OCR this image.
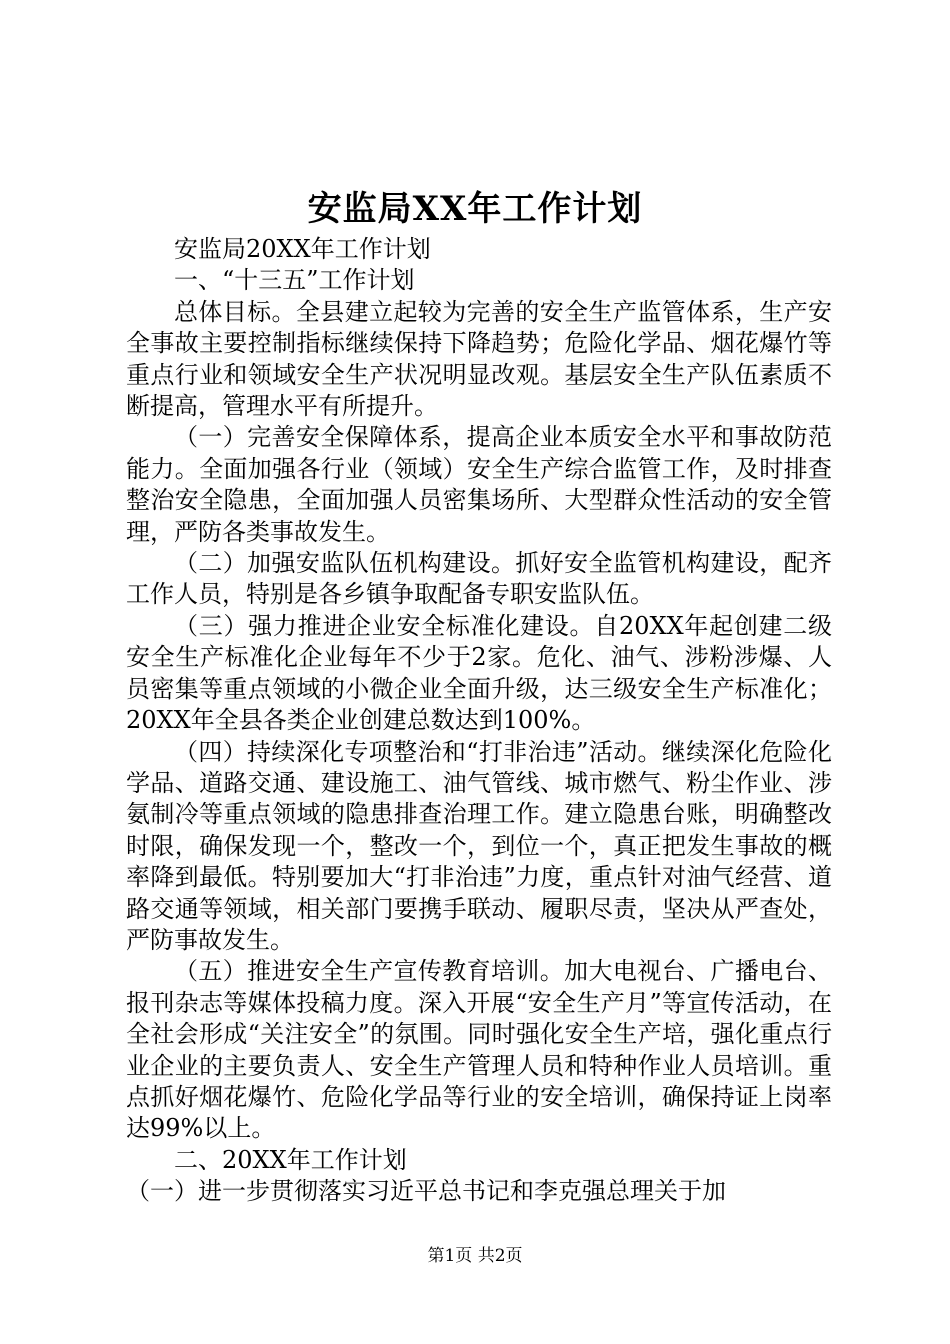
安监局XX年工作计划

安监局20XX年工作计划

一、“十三五”工作计划

总体目标。全县建立起较为完善的安全生产监管体系，生产安全事故主要控制指标继续保持下降趋势；危险化学品、烟花爆竹等重点行业和领域安全生产状况明显改观。基层安全生产队伍素质不断提高，管理水平有所提升。

（一）完善安全保障体系，提高企业本质安全水平和事故防范能力。全面加强各行业（领域）安全生产综合监管工作，及时排查整治安全隐患，全面加强人员密集场所、大型群众性活动的安全管理，严防各类事故发生。

（二）加强安监队伍机构建设。抓好安全监管机构建设，配齐工作人员，特别是各乡镇争取配备专职安监队伍。

（三）强力推进企业安全标准化建设。自20XX年起创建二级安全生产标准化企业每年不少于2家。危化、油气、涉粉涉爆、人员密集等重点领域的小微企业全面升级，达三级安全生产标准化；20XX年全县各类企业创建总数达到100%。

（四）持续深化专项整治和“打非治违”活动。继续深化危险化学品、道路交通、建设施工、油气管线、城市燃气、粉尘作业、涉氨制冷等重点领域的隐患排查治理工作。建立隐患台账，明确整改时限，确保发现一个，整改一个，到位一个，真正把发生事故的概率降到最低。特别要加大“打非治违”力度，重点针对油气经营、道路交通等领域，相关部门要携手联动、履职尽责，坚决从严查处，严防事故发生。

（五）推进安全生产宣传教育培训。加大电视台、广播电台、报刊杂志等媒体投稿力度。深入开展“安全生产月”等宣传活动，在全社会形成“关注安全”的氛围。同时强化安全生产培，强化重点行业企业的主要负责人、安全生产管理人员和特种作业人员培训。重点抓好烟花爆竹、危险化学品等行业的安全培训，确保持证上岗率达99%以上。

二、20XX年工作计划

（一）进一步贯彻落实习近平总书记和李克强总理关于加

第1页 共2页
